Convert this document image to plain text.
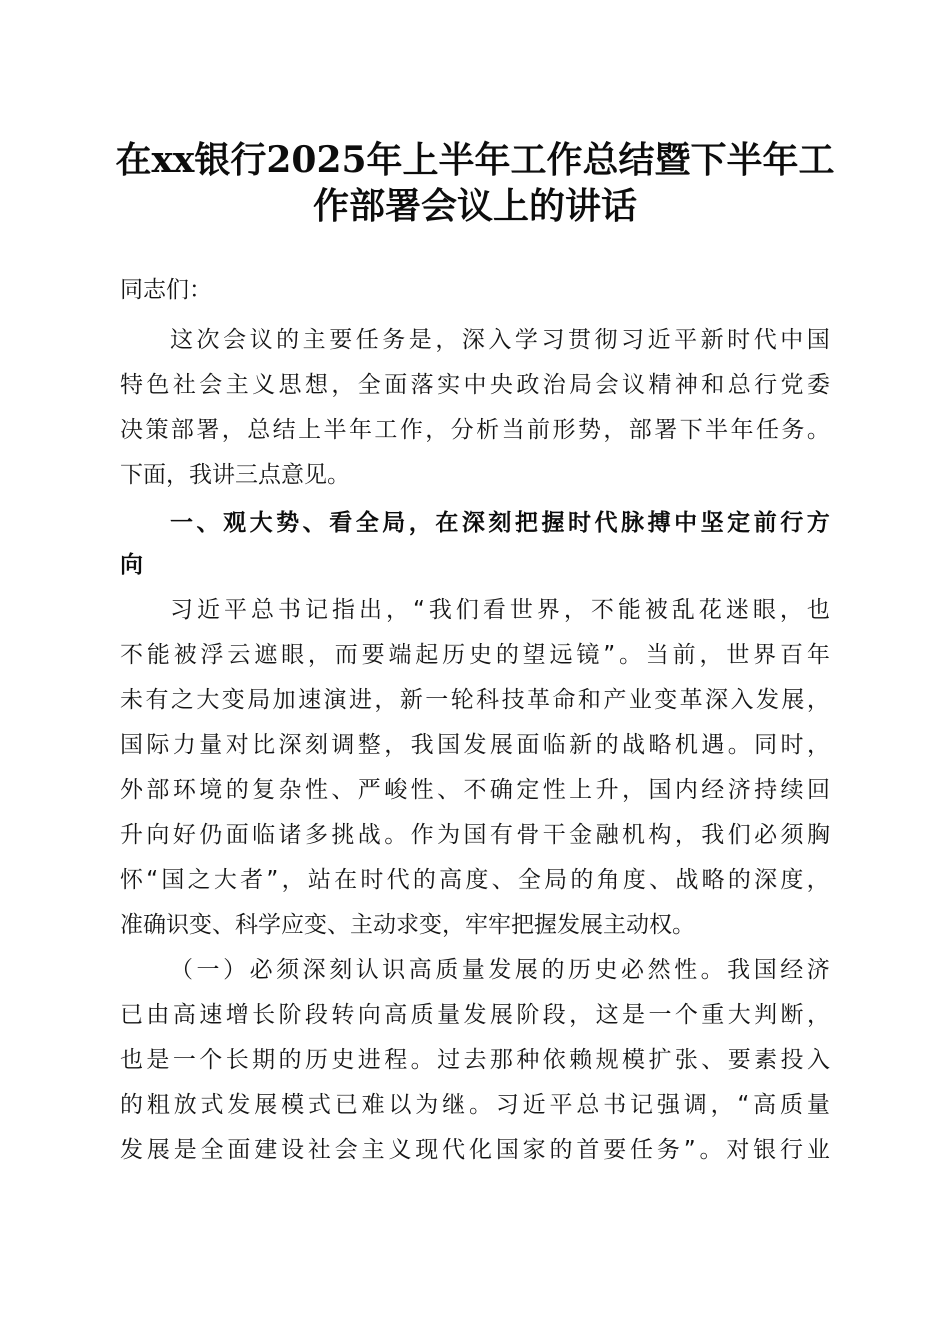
在xx银行2025年上半年工作总结暨下半年工
作部署会议上的讲话
同志们：
这 次 会 议 的 主 要 任 务 是 ， 深 入 学 习 贯 彻 习 近 平 新 时 代 中 国
特 色 社 会 主 义 思 想 ， 全 面 落 实 中 央 政 治 局 会 议 精 神 和 总 行 党 委
决 策 部 署 ， 总 结 上 半 年 工 作 ， 分 析 当 前 形 势 ， 部 署 下 半 年 任 务 。
下面，我讲三点意见。
一 、 观 大 势 、 看 全 局 ， 在 深 刻 把 握 时 代 脉 搏 中 坚 定 前 行 方
向
习 近 平 总 书 记 指 出 ， “ 我 们 看 世 界 ， 不 能 被 乱 花 迷 眼 ， 也
不 能 被 浮 云 遮 眼 ， 而 要 端 起 历 史 的 望 远 镜 ” 。 当 前 ， 世 界 百 年
未 有 之 大 变 局 加 速 演 进 ， 新 一 轮 科 技 革 命 和 产 业 变 革 深 入 发 展 ，
国 际 力 量 对 比 深 刻 调 整 ， 我 国 发 展 面 临 新 的 战 略 机 遇 。 同 时 ，
外 部 环 境 的 复 杂 性 、 严 峻 性 、 不 确 定 性 上 升 ， 国 内 经 济 持 续 回
升 向 好 仍 面 临 诸 多 挑 战 。 作 为 国 有 骨 干 金 融 机 构 ， 我 们 必 须 胸
怀 “ 国 之 大 者 ” ， 站 在 时 代 的 高 度 、 全 局 的 角 度 、 战 略 的 深 度 ，
准确识变、科学应变、主动求变，牢牢把握发展主动权。
（ 一 ） 必 须 深 刻 认 识 高 质 量 发 展 的 历 史 必 然 性 。 我 国 经 济
已 由 高 速 增 长 阶 段 转 向 高 质 量 发 展 阶 段 ， 这 是 一 个 重 大 判 断 ，
也 是 一 个 长 期 的 历 史 进 程 。 过 去 那 种 依 赖 规 模 扩 张 、 要 素 投 入
的 粗 放 式 发 展 模 式 已 难 以 为 继 。 习 近 平 总 书 记 强 调 ， “ 高 质 量
发 展 是 全 面 建 设 社 会 主 义 现 代 化 国 家 的 首 要 任 务 ” 。 对 银 行 业
